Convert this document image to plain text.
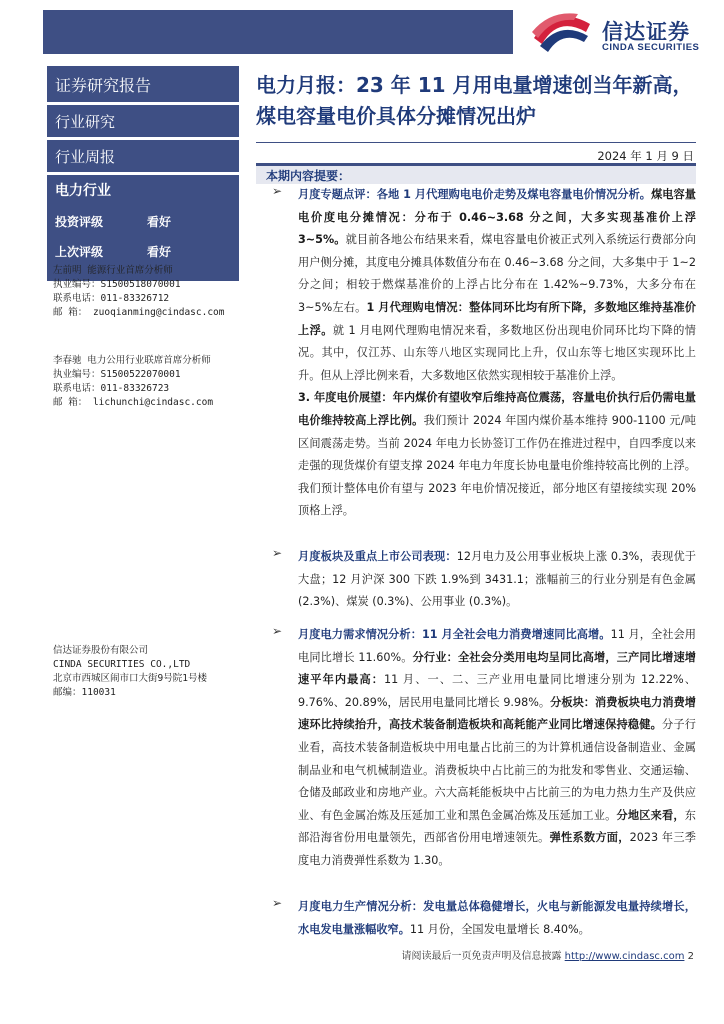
信达证券
CINDA SECURITIES
证券研究报告
行业研究
行业周报
电力行业
投资评级	看好
上次评级	看好
左前明 能源行业首席分析师
执业编号：S1500518070001
联系电话：011-83326712
邮 箱： zuoqianming@cindasc.com
李春驰 电力公用行业联席首席分析师
执业编号：S1500522070001
联系电话：011-83326723
邮 箱： lichunchi@cindasc.com
信达证券股份有限公司
CINDA SECURITIES CO.,LTD
北京市西城区闹市口大街9号院1号楼
邮编：110031
电力月报：23 年 11 月用电量增速创当年新高，煤电容量电价具体分摊情况出炉
2024 年 1 月 9 日
本期内容提要：
➢ 月度专题点评：各地 1 月代理购电电价走势及煤电容量电价情况分析。煤电容量电价度电分摊情况：分布于 0.46~3.68 分之间，大多实现基准价上浮 3~5%。就目前各地公布结果来看，煤电容量电价被正式列入系统运行费部分向用户侧分摊，其度电分摊具体数值分布在 0.46~3.68 分之间，大多集中于 1~2 分之间；相较于燃煤基准价的上浮占比分布在 1.42%~9.73%，大多分布在 3~5%左右。1 月代理购电情况：整体同环比均有所下降，多数地区维持基准价上浮。就 1 月电网代理购电情况来看，多数地区份出现电价同环比均下降的情况。其中，仅江苏、山东等八地区实现同比上升，仅山东等七地区实现环比上升。但从上浮比例来看，大多数地区依然实现相较于基准价上浮。
3. 年度电价展望：年内煤价有望收窄后维持高位震荡，容量电价执行后仍需电量电价维持较高上浮比例。我们预计 2024 年国内煤价基本维持 900-1100 元/吨区间震荡走势。当前 2024 年电力长协签订工作仍在推进过程中，自四季度以来走强的现货煤价有望支撑 2024 年电力年度长协电量电价维持较高比例的上浮。我们预计整体电价有望与 2023 年电价情况接近，部分地区有望接续实现 20%顶格上浮。
➢ 月度板块及重点上市公司表现：12月电力及公用事业板块上涨 0.3%，表现优于大盘；12 月沪深 300 下跌 1.9%到 3431.1；涨幅前三的行业分别是有色金属 (2.3%)、煤炭 (0.3%)、公用事业 (0.3%)。
➢ 月度电力需求情况分析：11 月全社会电力消费增速同比高增。11 月，全社会用电同比增长 11.60%。分行业：全社会分类用电均呈同比高增，三产同比增速增速平年内最高：11 月、一、二、三产业用电量同比增速分别为 12.22%、9.76%、20.89%，居民用电量同比增长 9.98%。分板块：消费板块电力消费增速环比持续抬升，高技术装备制造板块和高耗能产业同比增速保持稳健。分子行业看，高技术装备制造板块中用电量占比前三的为计算机通信设备制造业、金属制品业和电气机械制造业。消费板块中占比前三的为批发和零售业、交通运输、仓储及邮政业和房地产业。六大高耗能板块中占比前三的为电力热力生产及供应业、有色金属冶炼及压延加工业和黑色金属冶炼及压延加工业。分地区来看，东部沿海省份用电量领先，西部省份用电增速领先。弹性系数方面，2023 年三季度电力消费弹性系数为 1.30。
➢ 月度电力生产情况分析：发电量总体稳健增长，火电与新能源发电量持续增长，水电发电量涨幅收窄。11 月份，全国发电量增长 8.40%。
请阅读最后一页免责声明及信息披露 http://www.cindasc.com 2
